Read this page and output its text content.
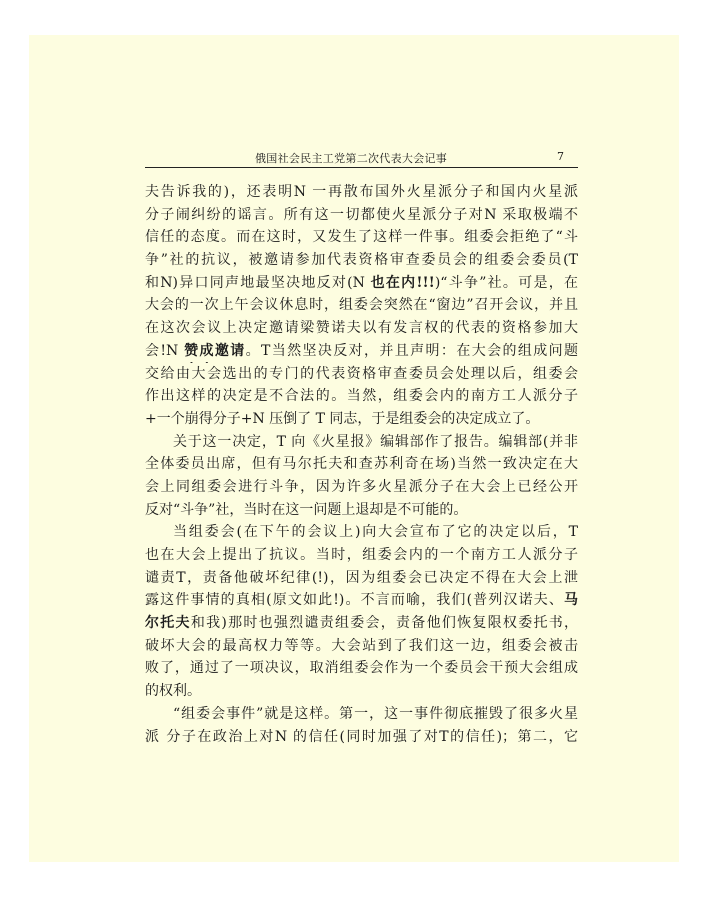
俄国社会民主工党第二次代表大会记事	7
夫告诉我的)，还表明N 一再散布国外火星派分子和国内火星派
分子闹纠纷的谣言。所有这一切都使火星派分子对N 采取极端不
信任的态度。而在这时，又发生了这样一件事。组委会拒绝了“斗
争”社的抗议，被邀请参加代表资格审查委员会的组委会委员(T
和N)异口同声地最坚决地反对(N 也在内!!!)“斗争”社。可是，在
大会的一次上午会议休息时，组委会突然在“窗边”召开会议，并且
在这次会议上决定邀请梁赞诺夫以有发言权的代表的资格参加大
会!N 赞成邀请。T当然坚决反对，并且声明：在大会的组成问题
交给由大会选出的专门的代表资格审查委员会处理以后，组委会
作出这样的决定是不合法的。当然，组委会内的南方工人派分子
+一个崩得分子+N 压倒了 T 同志，于是组委会的决定成立了。
关于这一决定，T 向《火星报》编辑部作了报告。编辑部(并非
全体委员出席，但有马尔托夫和查苏利奇在场)当然一致决定在大
会上同组委会进行斗争，因为许多火星派分子在大会上已经公开
反对“斗争”社，当时在这一问题上退却是不可能的。
当组委会(在下午的会议上)向大会宣布了它的决定以后，T
也在大会上提出了抗议。当时，组委会内的一个南方工人派分子
谴责T，责备他破坏纪律(!)，因为组委会已决定不得在大会上泄
露这件事情的真相(原文如此!)。不言而喻，我们(普列汉诺夫、马
尔托夫和我)那时也强烈谴责组委会，责备他们恢复限权委托书，
破坏大会的最高权力等等。大会站到了我们这一边，组委会被击
败了，通过了一项决议，取消组委会作为一个委员会干预大会组成
的权利。
“组委会事件”就是这样。第一，这一事件彻底摧毁了很多火星
派 分子在政治上对N 的信任(同时加强了对T的信任)；第二，它
